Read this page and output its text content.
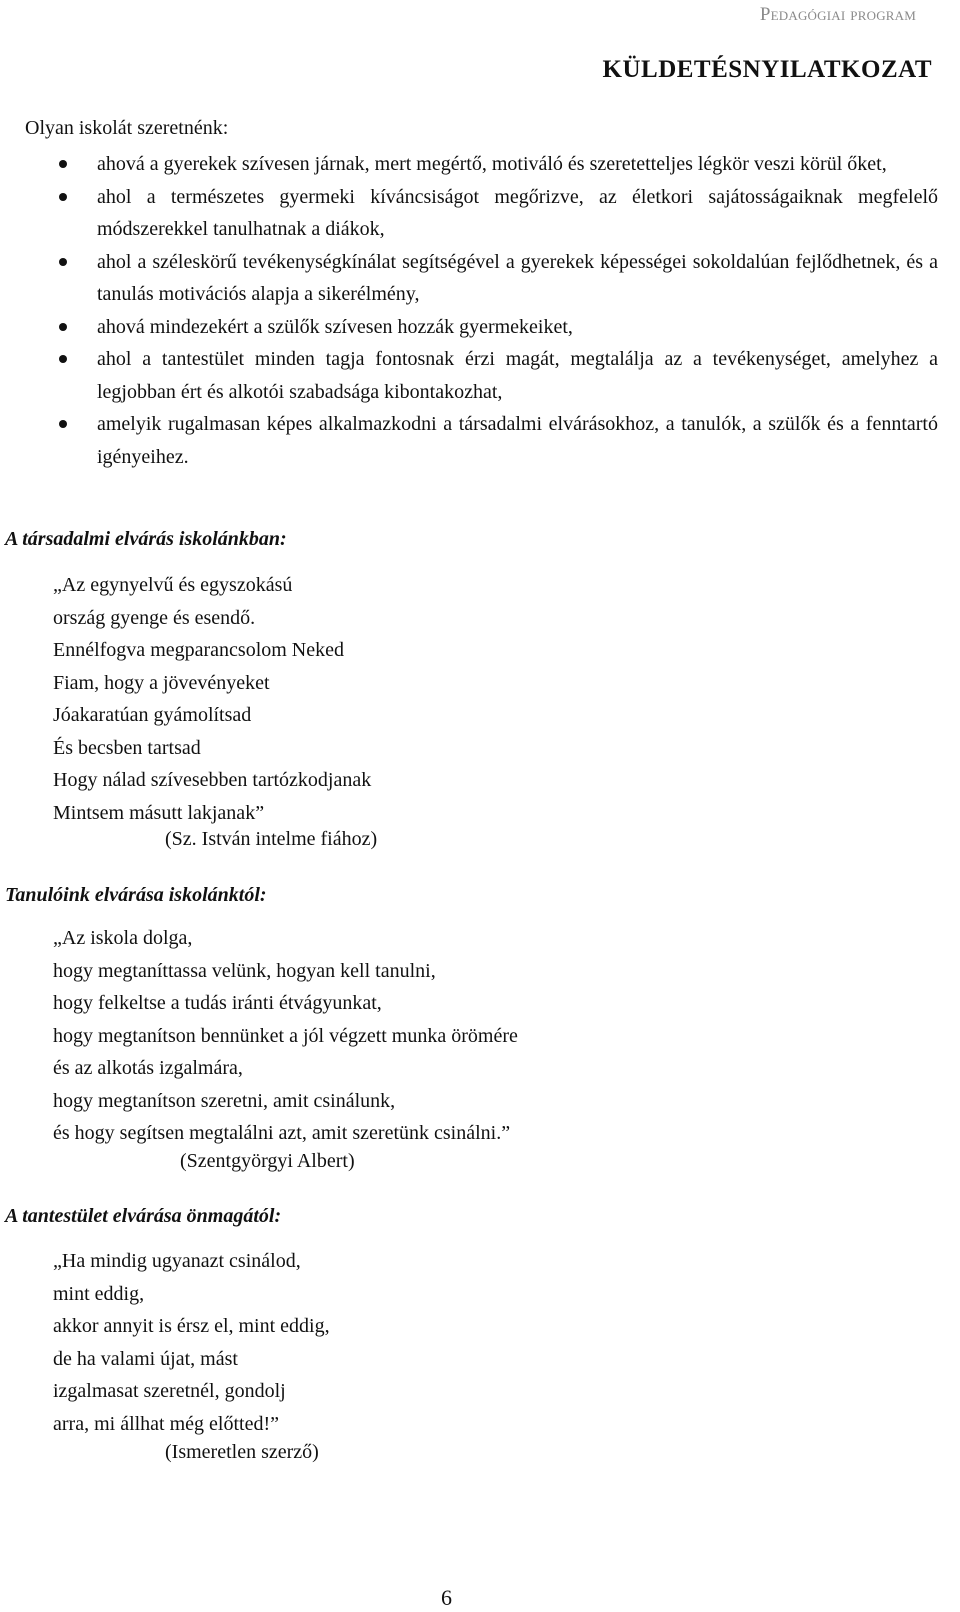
Pedagógiai program
KÜLDETÉSNYILATKOZAT
Olyan iskolát szeretnénk:
ahová a gyerekek szívesen járnak, mert megértő, motiváló és szeretetteljes légkör veszi körül őket,
ahol a természetes gyermeki kíváncsiságot megőrizve, az életkori sajátosságaiknak megfelelő módszerekkel tanulhatnak a diákok,
ahol a széleskörű tevékenységkínálat segítségével a gyerekek képességei sokoldalúan fejlődhetnek, és a tanulás motivációs alapja a sikerélmény,
ahová mindezekért a szülők szívesen hozzák gyermekeiket,
ahol a tantestület minden tagja fontosnak érzi magát, megtalálja az a tevékenységet, amelyhez a legjobban ért és alkotói szabadsága kibontakozhat,
amelyik rugalmasan képes alkalmazkodni a társadalmi elvárásokhoz, a tanulók, a szülők és a fenntartó igényeihez.
A társadalmi elvárás iskolánkban:
„Az egynyelvű és egyszokású
ország gyenge és esendő.
Ennélfogva megparancsolom Neked
Fiam, hogy a jövevényeket
Jóakaratúan gyámolítsad
És becsben tartsad
Hogy nálad szívesebben tartózkodjanak
Mintsem másutt lakjanak”
(Sz. István intelme fiához)
Tanulóink elvárása iskolánktól:
„Az iskola dolga,
hogy megtaníttassa velünk, hogyan kell tanulni,
hogy felkeltse a tudás iránti étvágyunkat,
hogy megtanítson bennünket a jól végzett munka örömére
és az alkotás izgalmára,
hogy megtanítson szeretni, amit csinálunk,
és hogy segítsen megtalálni azt, amit szeretünk csinálni.”
(Szentgyörgyi Albert)
A tantestület elvárása önmagától:
„Ha mindig ugyanazt csinálod,
mint eddig,
akkor annyit is érsz el, mint eddig,
de ha valami újat, mást
izgalmasat szeretnél, gondolj
arra, mi állhat még előtted!”
(Ismeretlen szerző)
6
